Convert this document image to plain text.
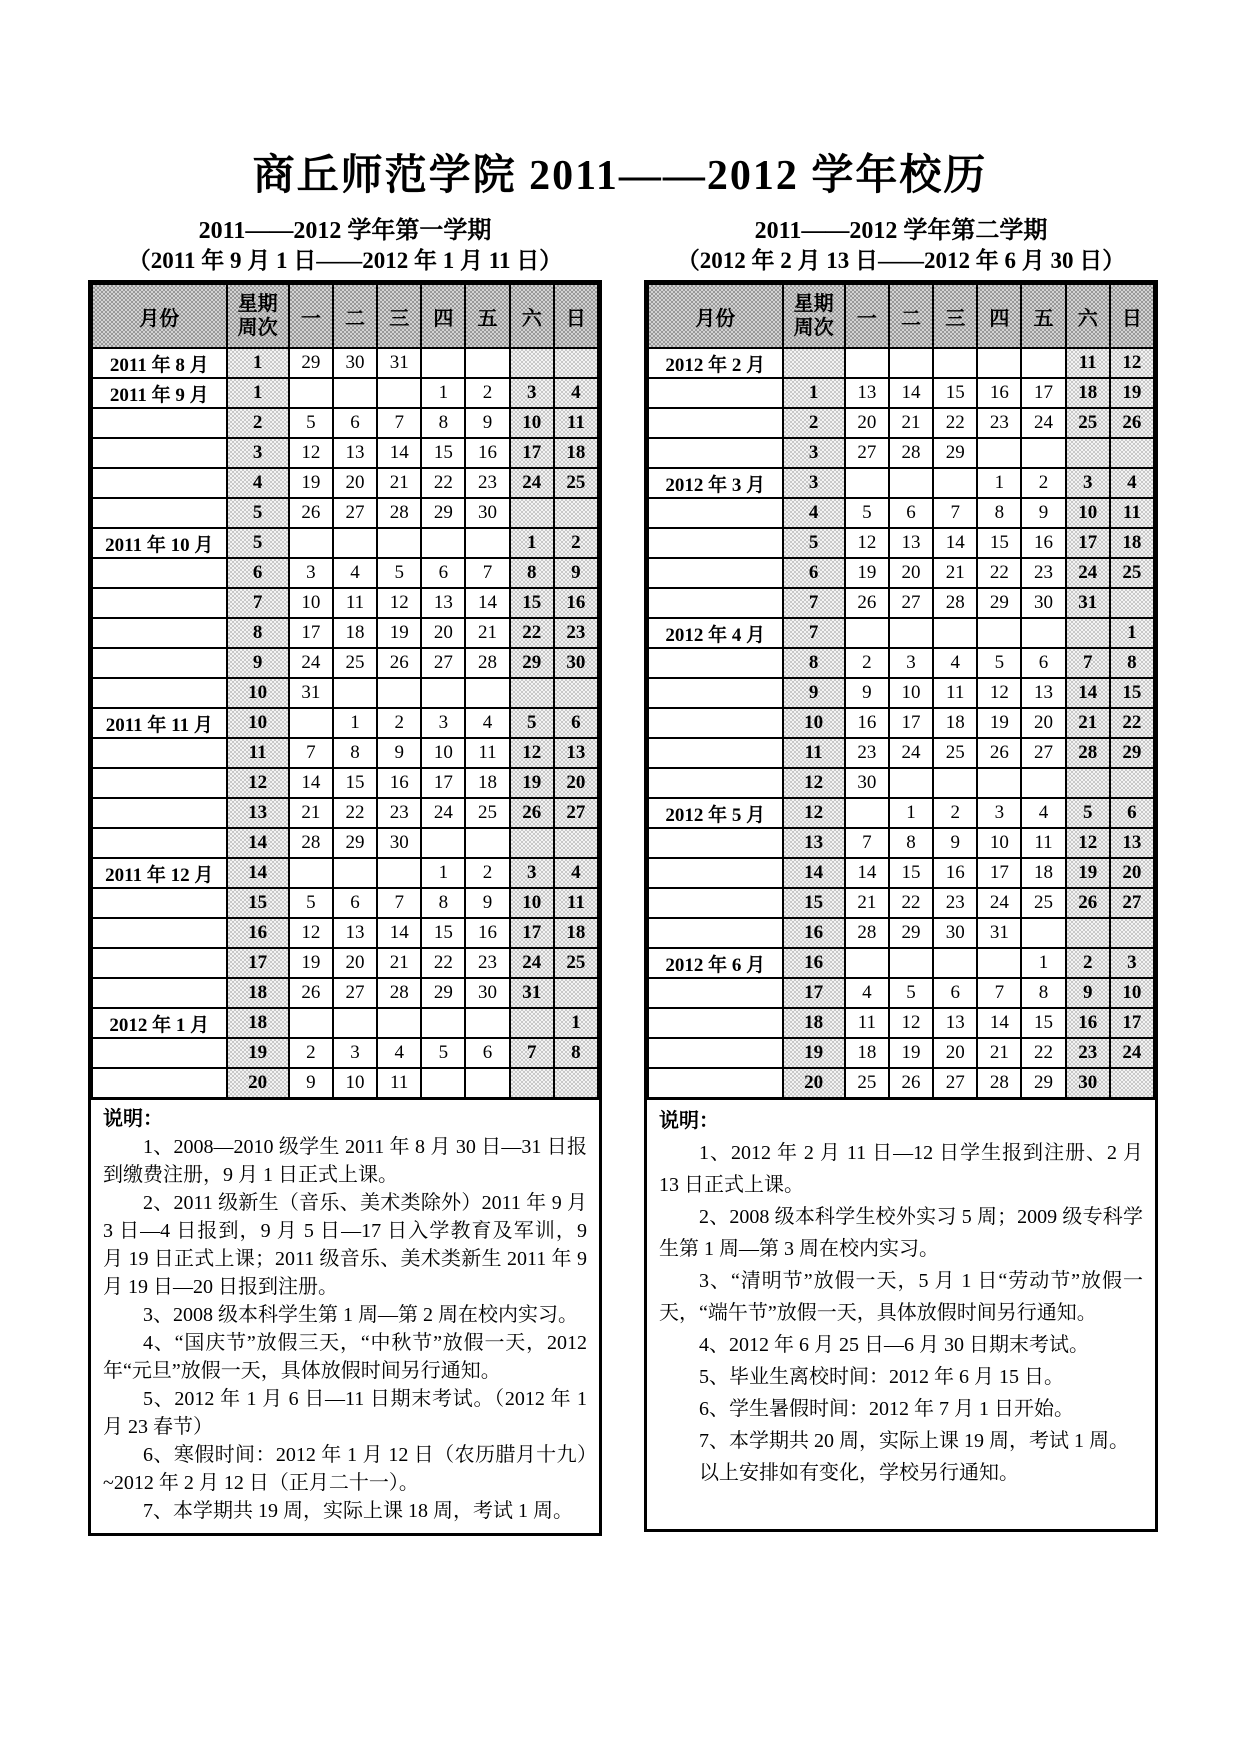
商丘师范学院 2011——2012 学年校历

2011——2012 学年第一学期

（2011 年 9 月 1 日——2012 年 1 月 11 日）

月份	星期
周次	一	二	三	四	五	六	日
2011 年 8 月	1	29	30	31				
2011 年 9 月	1				1	2	3	4
	2	5	6	7	8	9	10	11
	3	12	13	14	15	16	17	18
	4	19	20	21	22	23	24	25
	5	26	27	28	29	30		
2011 年 10 月	5						1	2
	6	3	4	5	6	7	8	9
	7	10	11	12	13	14	15	16
	8	17	18	19	20	21	22	23
	9	24	25	26	27	28	29	30
	10	31						
2011 年 11 月	10		1	2	3	4	5	6
	11	7	8	9	10	11	12	13
	12	14	15	16	17	18	19	20
	13	21	22	23	24	25	26	27
	14	28	29	30				
2011 年 12 月	14				1	2	3	4
	15	5	6	7	8	9	10	11
	16	12	13	14	15	16	17	18
	17	19	20	21	22	23	24	25
	18	26	27	28	29	30	31	
2012 年 1 月	18							1
	19	2	3	4	5	6	7	8
	20	9	10	11				

说明：

1、2008—2010 级学生 2011 年 8 月 30 日—31 日报到缴费注册，9 月 1 日正式上课。

2、2011 级新生（音乐、美术类除外）2011 年 9 月 3 日—4 日报到，9 月 5 日—17 日入学教育及军训，9 月 19 日正式上课；2011 级音乐、美术类新生 2011 年 9 月 19 日—20 日报到注册。

3、2008 级本科学生第 1 周—第 2 周在校内实习。

4、“国庆节”放假三天，“中秋节”放假一天，2012 年“元旦”放假一天，具体放假时间另行通知。

5、2012 年 1 月 6 日—11 日期末考试。（2012 年 1 月 23 春节）

6、寒假时间：2012 年 1 月 12 日（农历腊月十九）~2012 年 2 月 12 日（正月二十一）。

7、本学期共 19 周，实际上课 18 周，考试 1 周。

2011——2012 学年第二学期

（2012 年 2 月 13 日——2012 年 6 月 30 日）

月份	星期
周次	一	二	三	四	五	六	日
2012 年 2 月							11	12
	1	13	14	15	16	17	18	19
	2	20	21	22	23	24	25	26
	3	27	28	29				
2012 年 3 月	3				1	2	3	4
	4	5	6	7	8	9	10	11
	5	12	13	14	15	16	17	18
	6	19	20	21	22	23	24	25
	7	26	27	28	29	30	31	
2012 年 4 月	7							1
	8	2	3	4	5	6	7	8
	9	9	10	11	12	13	14	15
	10	16	17	18	19	20	21	22
	11	23	24	25	26	27	28	29
	12	30						
2012 年 5 月	12		1	2	3	4	5	6
	13	7	8	9	10	11	12	13
	14	14	15	16	17	18	19	20
	15	21	22	23	24	25	26	27
	16	28	29	30	31			
2012 年 6 月	16					1	2	3
	17	4	5	6	7	8	9	10
	18	11	12	13	14	15	16	17
	19	18	19	20	21	22	23	24
	20	25	26	27	28	29	30	

说明：

1、2012 年 2 月 11 日—12 日学生报到注册、2 月 13 日正式上课。

2、2008 级本科学生校外实习 5 周；2009 级专科学生第 1 周—第 3 周在校内实习。

3、“清明节”放假一天，5 月 1 日“劳动节”放假一天，“端午节”放假一天，具体放假时间另行通知。

4、2012 年 6 月 25 日—6 月 30 日期末考试。

5、毕业生离校时间：2012 年 6 月 15 日。

6、学生暑假时间：2012 年 7 月 1 日开始。

7、本学期共 20 周，实际上课 19 周，考试 1 周。

以上安排如有变化，学校另行通知。
